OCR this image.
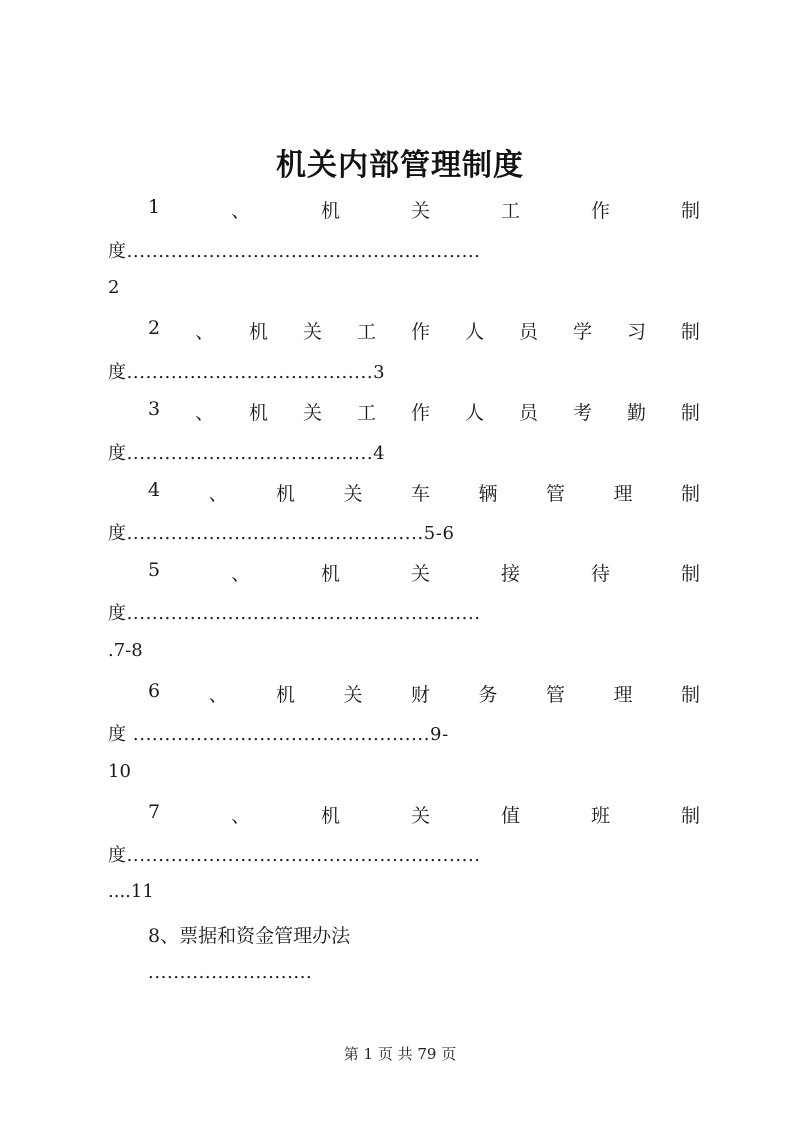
机关内部管理制度
1	、	机	关	工	作	制
度........................................................
2
2 、 机 关 工 作 人 员 学 习 制
度.......................................3
3 、 机 关 工 作 人 员 考 勤 制
度.......................................4
4	、	机	关	车	辆	管	理	制
度...............................................5-6
5	、	机	关	接	待	制
度........................................................
.7-8
6	、	机	关	财	务	管	理	制
度 ...............................................9-
10
7	、	机	关	值	班	制
度........................................................
....11
8、票据和资金管理办法
..........................
第 1 页 共 79 页
